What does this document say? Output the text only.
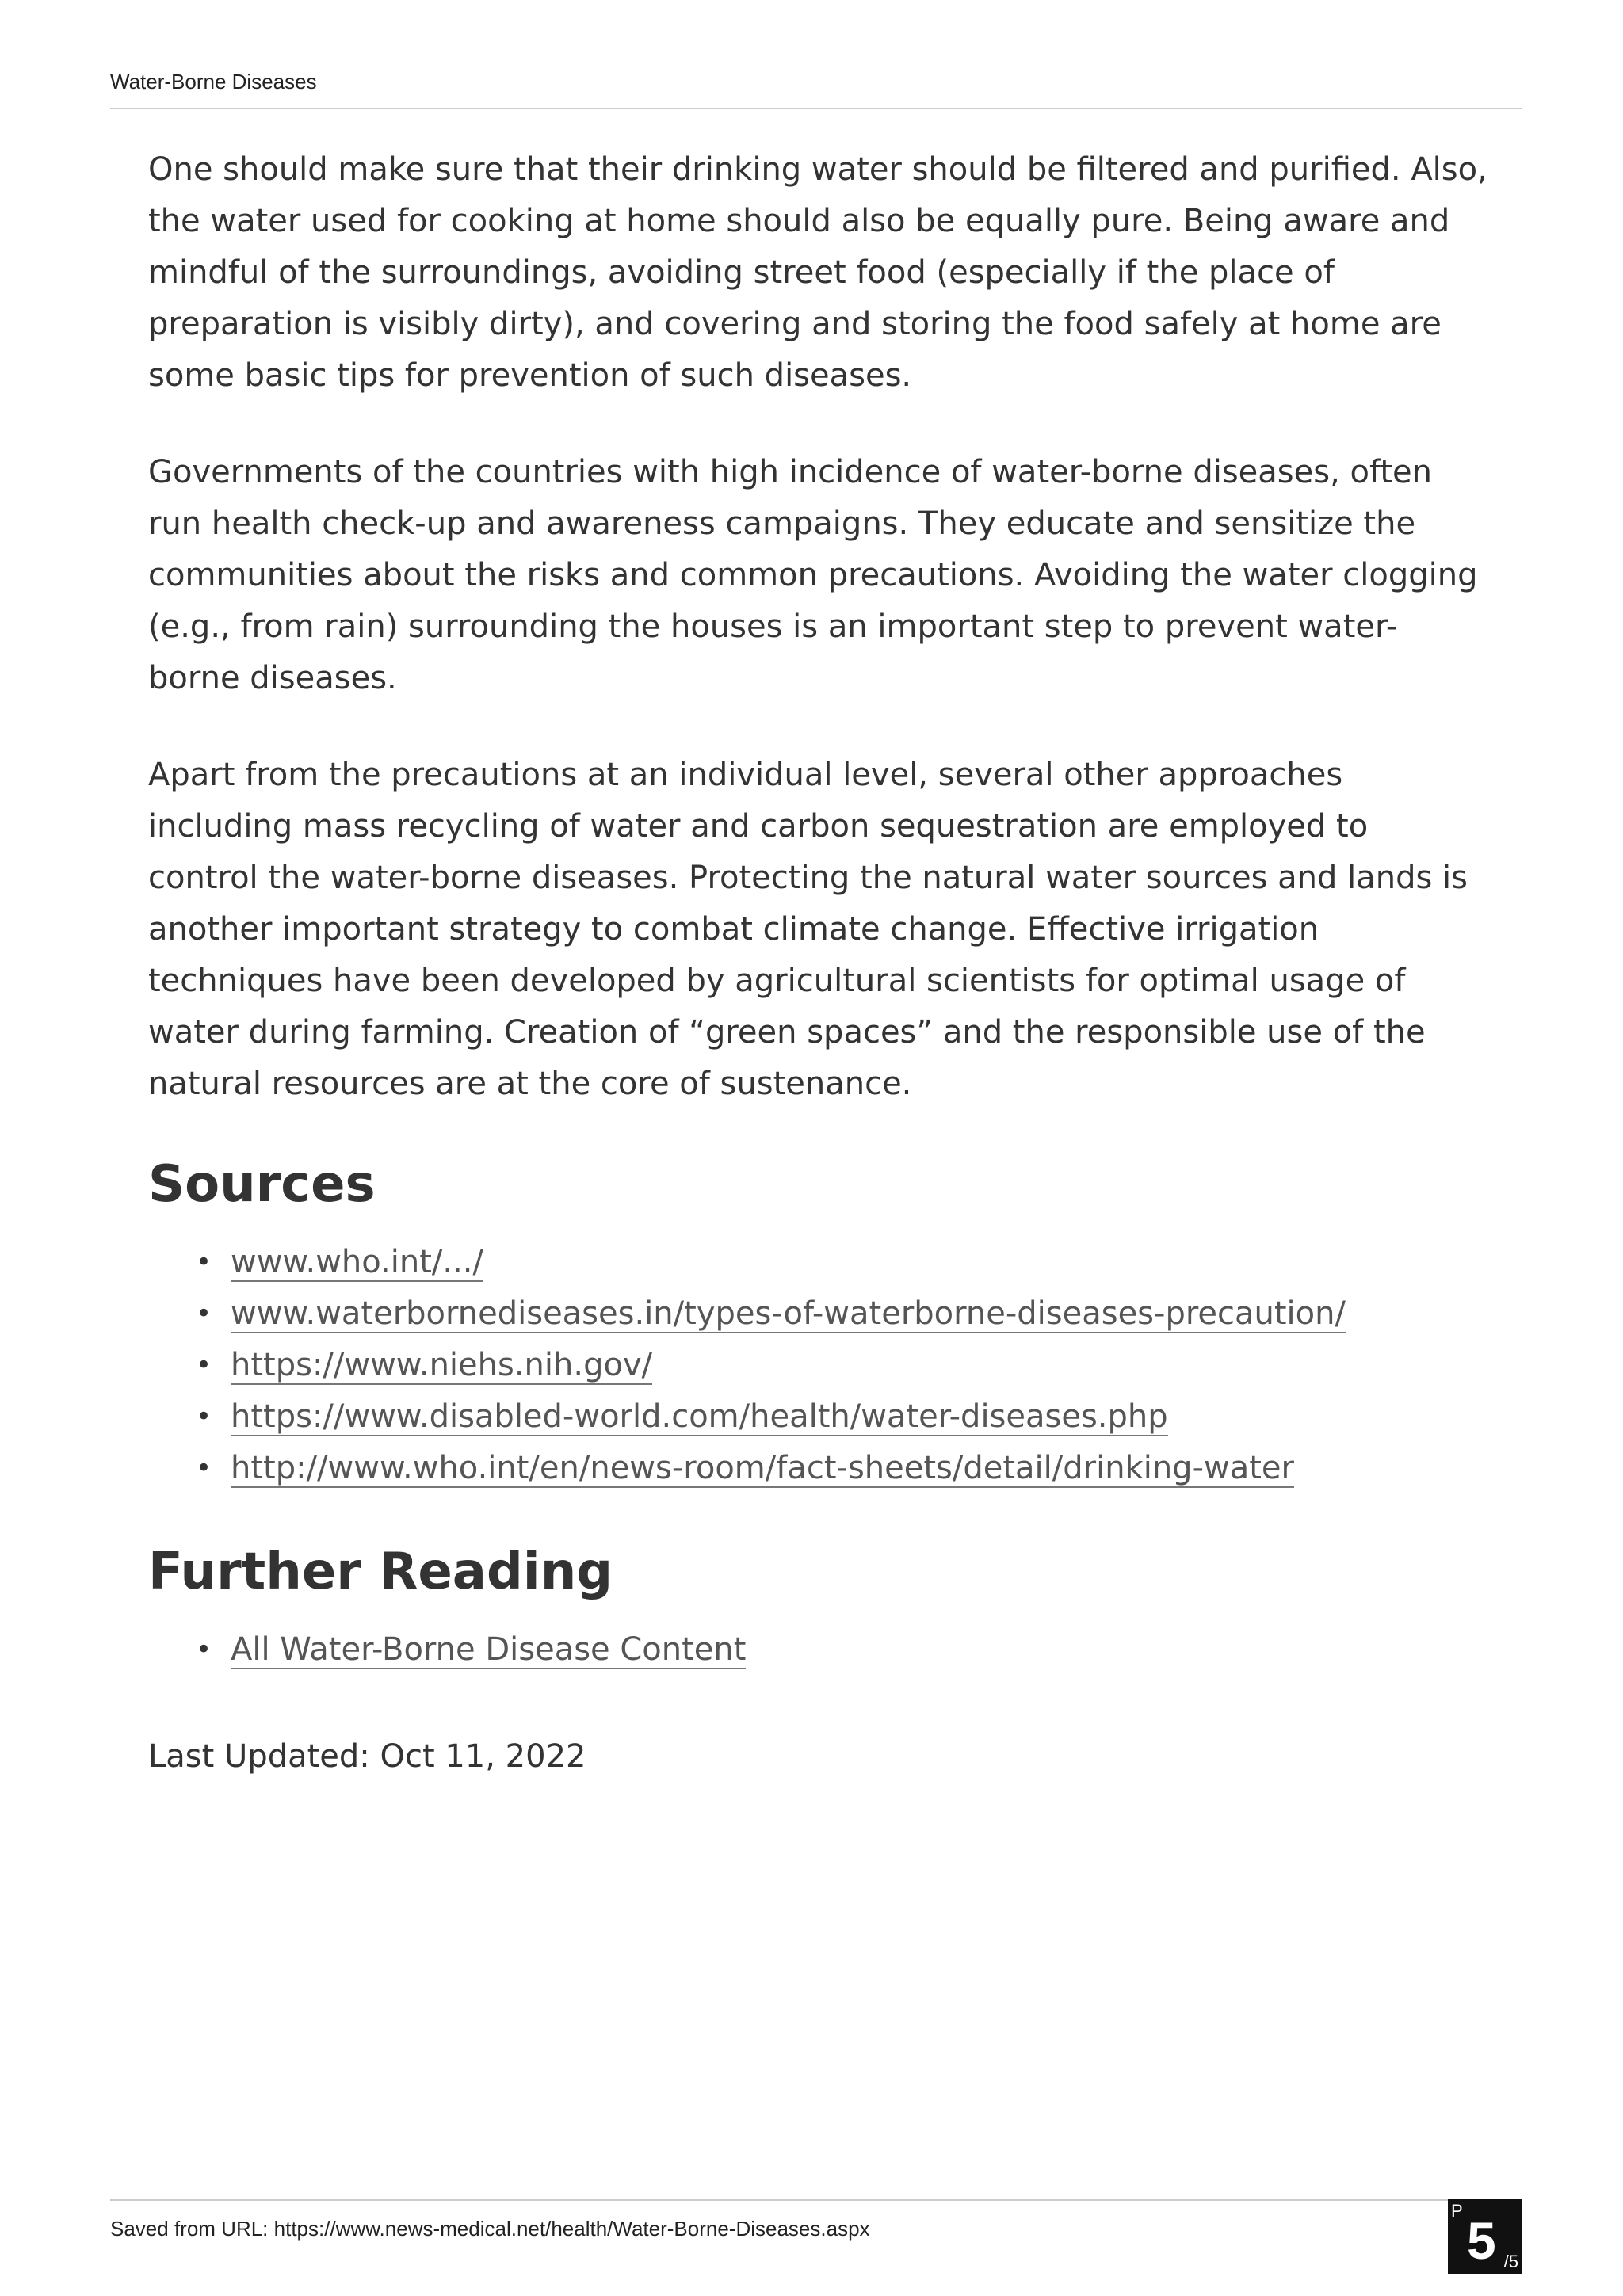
Water-Borne Diseases

One should make sure that their drinking water should be filtered and purified. Also, the water used for cooking at home should also be equally pure. Being aware and mindful of the surroundings, avoiding street food (especially if the place of preparation is visibly dirty), and covering and storing the food safely at home are some basic tips for prevention of such diseases.

Governments of the countries with high incidence of water-borne diseases, often run health check-up and awareness campaigns. They educate and sensitize the communities about the risks and common precautions. Avoiding the water clogging (e.g., from rain) surrounding the houses is an important step to prevent water-borne diseases.

Apart from the precautions at an individual level, several other approaches including mass recycling of water and carbon sequestration are employed to control the water-borne diseases. Protecting the natural water sources and lands is another important strategy to combat climate change. Effective irrigation techniques have been developed by agricultural scientists for optimal usage of water during farming. Creation of “green spaces” and the responsible use of the natural resources are at the core of sustenance.

Sources
• www.who.int/.../
• www.waterbornediseases.in/types-of-waterborne-diseases-precaution/
• https://www.niehs.nih.gov/
• https://www.disabled-world.com/health/water-diseases.php
• http://www.who.int/en/news-room/fact-sheets/detail/drinking-water
Further Reading
• All Water-Borne Disease Content
Last Updated: Oct 11, 2022
Saved from URL: https://www.news-medical.net/health/Water-Borne-Diseases.aspx
P
5 /5
